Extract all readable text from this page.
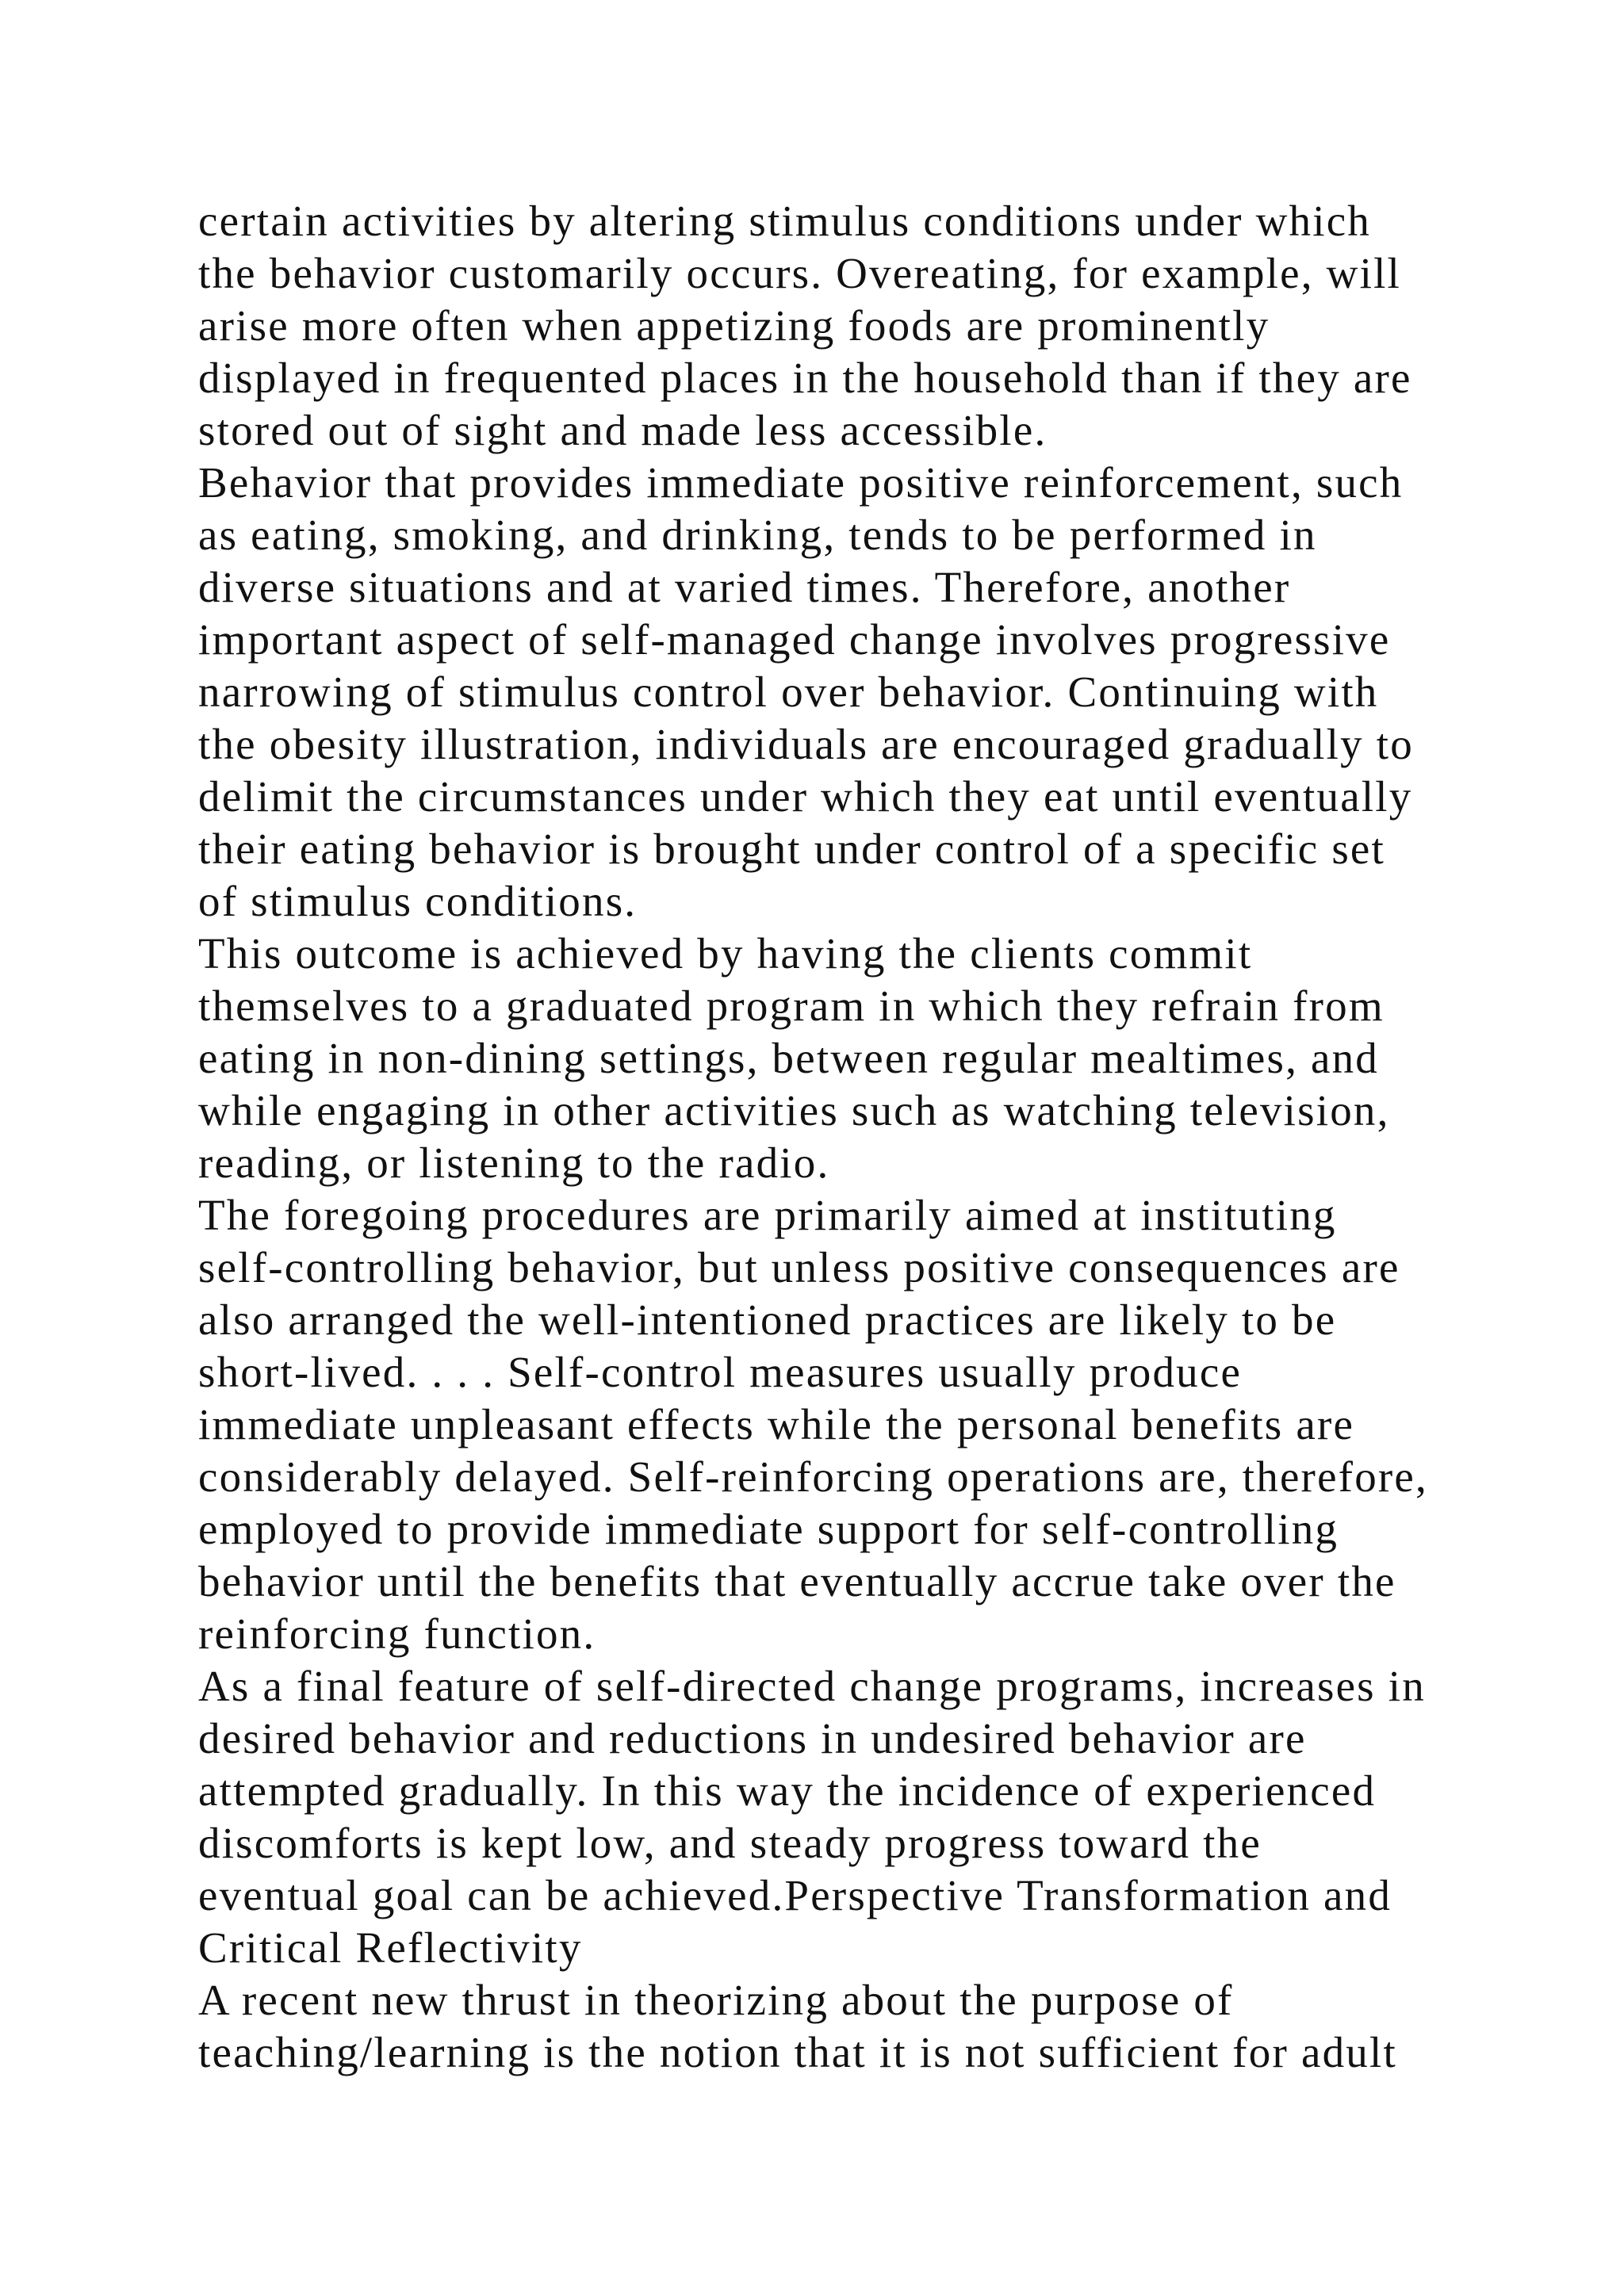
certain activities by altering stimulus conditions under which
the behavior customarily occurs. Overeating, for example, will
arise more often when appetizing foods are prominently
displayed in frequented places in the household than if they are
stored out of sight and made less accessible.
Behavior that provides immediate positive reinforcement, such
as eating, smoking, and drinking, tends to be performed in
diverse situations and at varied times. Therefore, another
important aspect of self-managed change involves progressive
narrowing of stimulus control over behavior. Continuing with
the obesity illustration, individuals are encouraged gradually to
delimit the circumstances under which they eat until eventually
their eating behavior is brought under control of a specific set
of stimulus conditions.
This outcome is achieved by having the clients commit
themselves to a graduated program in which they refrain from
eating in non-dining settings, between regular mealtimes, and
while engaging in other activities such as watching television,
reading, or listening to the radio.
The foregoing procedures are primarily aimed at instituting
self-controlling behavior, but unless positive consequences are
also arranged the well-intentioned practices are likely to be
short-lived. . . . Self-control measures usually produce
immediate unpleasant effects while the personal benefits are
considerably delayed. Self-reinforcing operations are, therefore,
employed to provide immediate support for self-controlling
behavior until the benefits that eventually accrue take over the
reinforcing function.
As a final feature of self-directed change programs, increases in
desired behavior and reductions in undesired behavior are
attempted gradually. In this way the incidence of experienced
discomforts is kept low, and steady progress toward the
eventual goal can be achieved.Perspective Transformation and
Critical Reflectivity
A recent new thrust in theorizing about the purpose of
teaching/learning is the notion that it is not sufficient for adult
